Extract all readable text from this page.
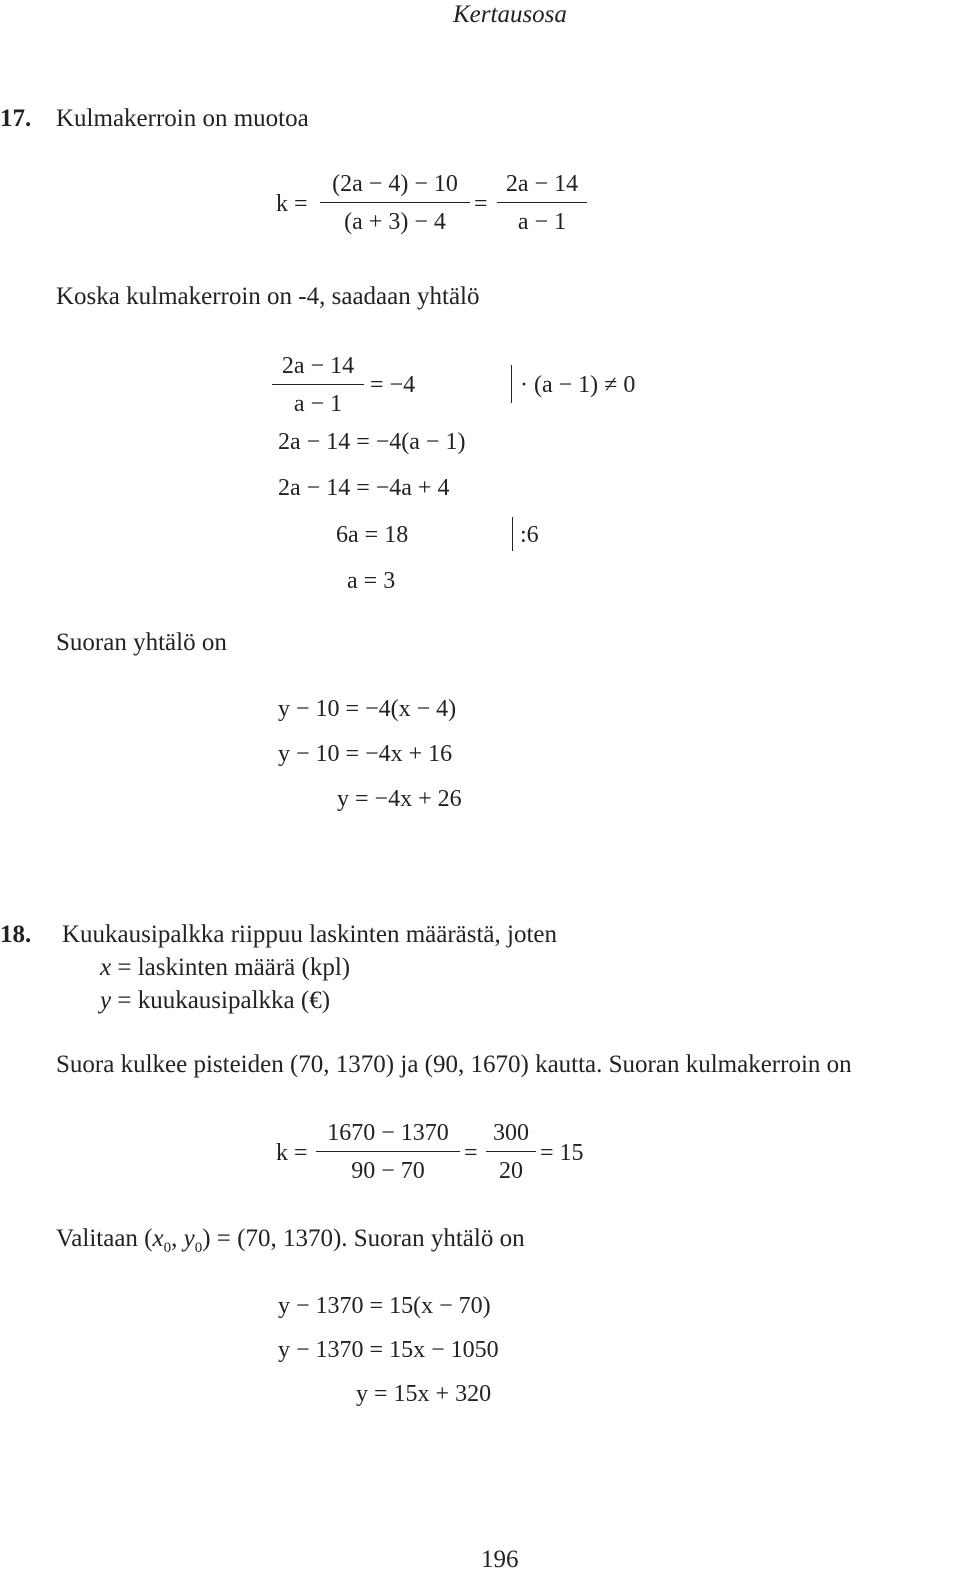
Kertausosa
17. Kulmakerroin on muotoa
k =
(2a − 4) − 10
(a + 3) − 4
=
2a − 14
a − 1
Koska kulmakerroin on -4, saadaan yhtälö
2a − 14
a − 1
= −4	· (a − 1) ≠ 0
2a − 14 = −4(a − 1)
2a − 14 = −4a + 4
6a = 18	:6
a = 3
Suoran yhtälö on
y − 10 = −4(x − 4)
y − 10 = −4x + 16
y = −4x + 26
18. Kuukausipalkka riippuu laskinten määrästä, joten
x = laskinten määrä (kpl)
y = kuukausipalkka (€)
Suora kulkee pisteiden (70, 1370) ja (90, 1670) kautta. Suoran kulmakerroin on
k =
1670 − 1370
90 − 70
=
300
20
= 15
Valitaan ($x_0$, $y_0) = (70$, 1370). Suoran yhtälö on
y − 1370 = 15(x − 70)
y − 1370 = 15x − 1050
y = 15x + 320
196
